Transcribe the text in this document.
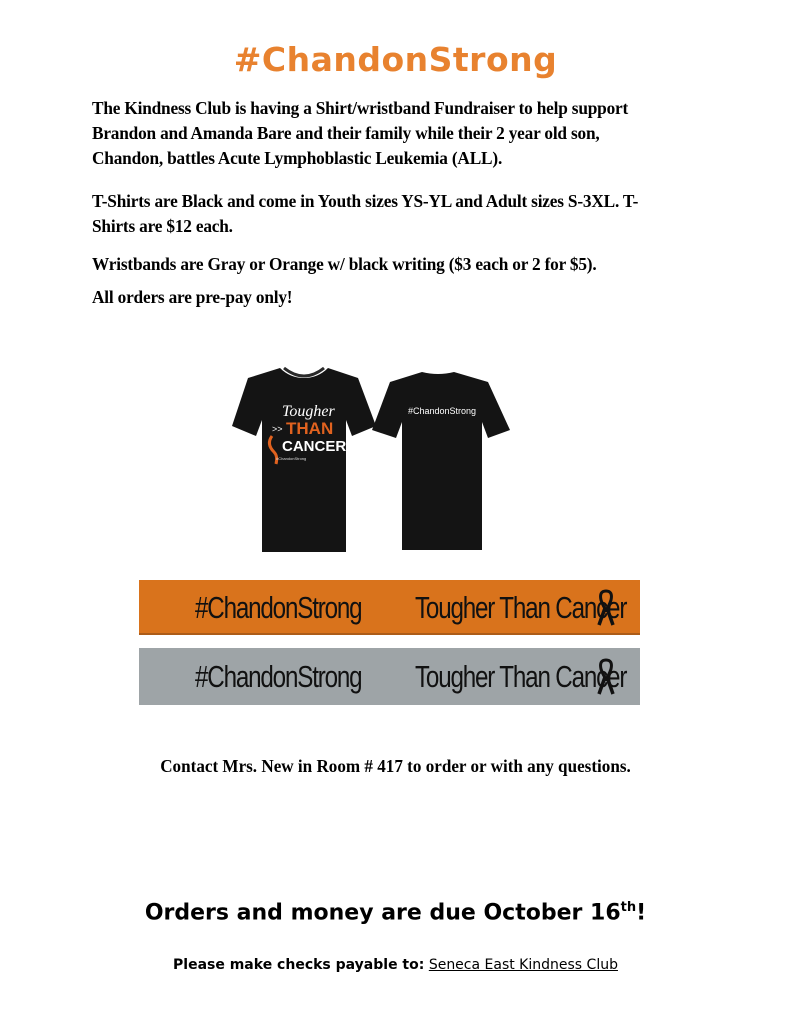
#ChandonStrong
The Kindness Club is having a Shirt/wristband Fundraiser to help support Brandon and Amanda Bare and their family while their 2 year old son, Chandon, battles Acute Lymphoblastic Leukemia (ALL).
T-Shirts are Black and come in Youth sizes YS-YL and Adult sizes S-3XL. T-Shirts are $12 each.
Wristbands are Gray or Orange w/ black writing ($3 each or 2 for $5).
All orders are pre-pay only!
Tougher
>> THAN
CANCER
#ChandonStrong
#ChandonStrong
#ChandonStrong Tougher Than Cancer
#ChandonStrong Tougher Than Cancer
Contact Mrs. New in Room # 417 to order or with any questions.
Orders and money are due October 16th!
Please make checks payable to: Seneca East Kindness Club
